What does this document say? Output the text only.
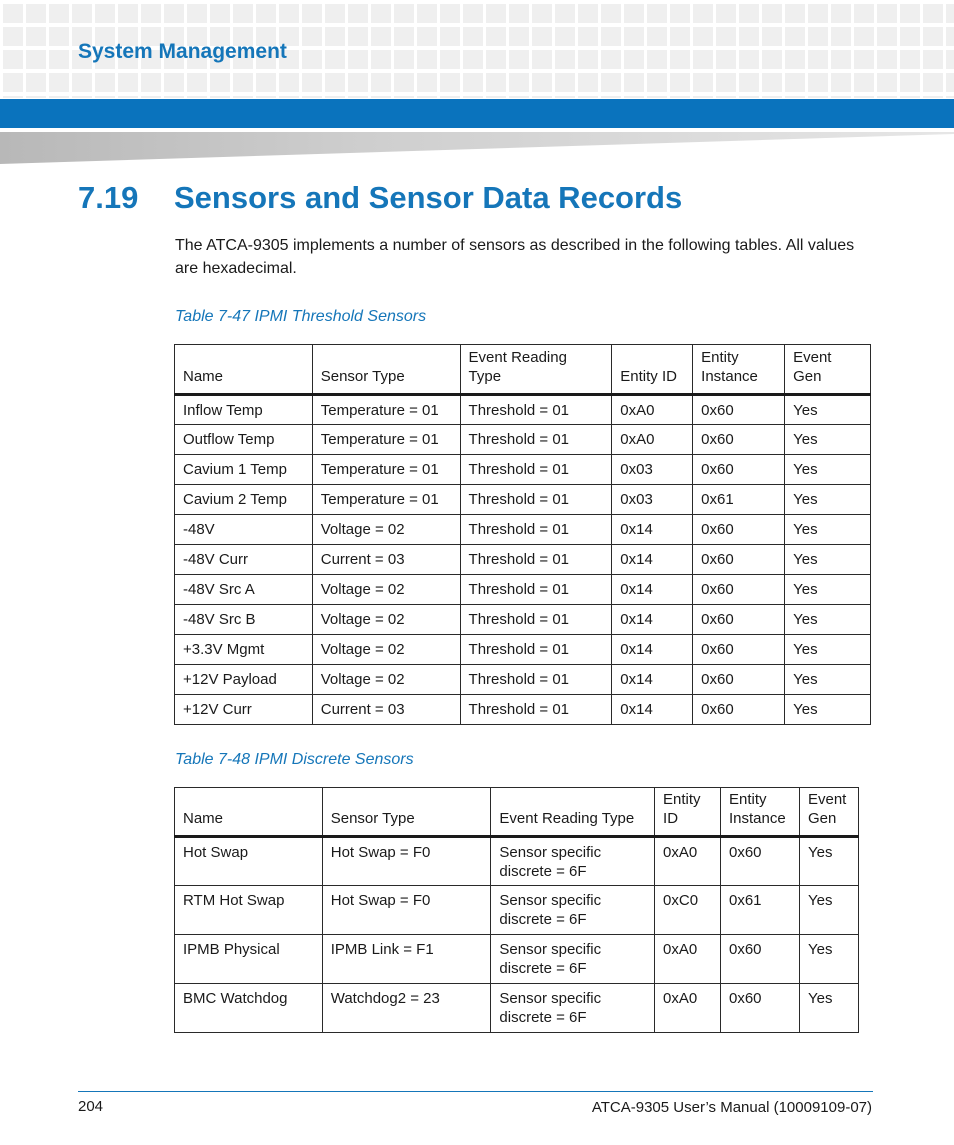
System Management
7.19 Sensors and Sensor Data Records

The ATCA-9305 implements a number of sensors as described in the following tables. All values are hexadecimal.

Table 7-47 IPMI Threshold Sensors

Name	Sensor Type	Event Reading Type	Entity ID	Entity Instance	Event Gen
Inflow Temp	Temperature = 01	Threshold = 01	0xA0	0x60	Yes
Outflow Temp	Temperature = 01	Threshold = 01	0xA0	0x60	Yes
Cavium 1 Temp	Temperature = 01	Threshold = 01	0x03	0x60	Yes
Cavium 2 Temp	Temperature = 01	Threshold = 01	0x03	0x61	Yes
-48V	Voltage = 02	Threshold = 01	0x14	0x60	Yes
-48V Curr	Current = 03	Threshold = 01	0x14	0x60	Yes
-48V Src A	Voltage = 02	Threshold = 01	0x14	0x60	Yes
-48V Src B	Voltage = 02	Threshold = 01	0x14	0x60	Yes
+3.3V Mgmt	Voltage = 02	Threshold = 01	0x14	0x60	Yes
+12V Payload	Voltage = 02	Threshold = 01	0x14	0x60	Yes
+12V Curr	Current = 03	Threshold = 01	0x14	0x60	Yes

Table 7-48 IPMI Discrete Sensors

Name	Sensor Type	Event Reading Type	Entity ID	Entity Instance	Event Gen
Hot Swap	Hot Swap = F0	Sensor specific discrete = 6F	0xA0	0x60	Yes
RTM Hot Swap	Hot Swap = F0	Sensor specific discrete = 6F	0xC0	0x61	Yes
IPMB Physical	IPMB Link = F1	Sensor specific discrete = 6F	0xA0	0x60	Yes
BMC Watchdog	Watchdog2 = 23	Sensor specific discrete = 6F	0xA0	0x60	Yes

204	ATCA-9305 User’s Manual (10009109-07)
